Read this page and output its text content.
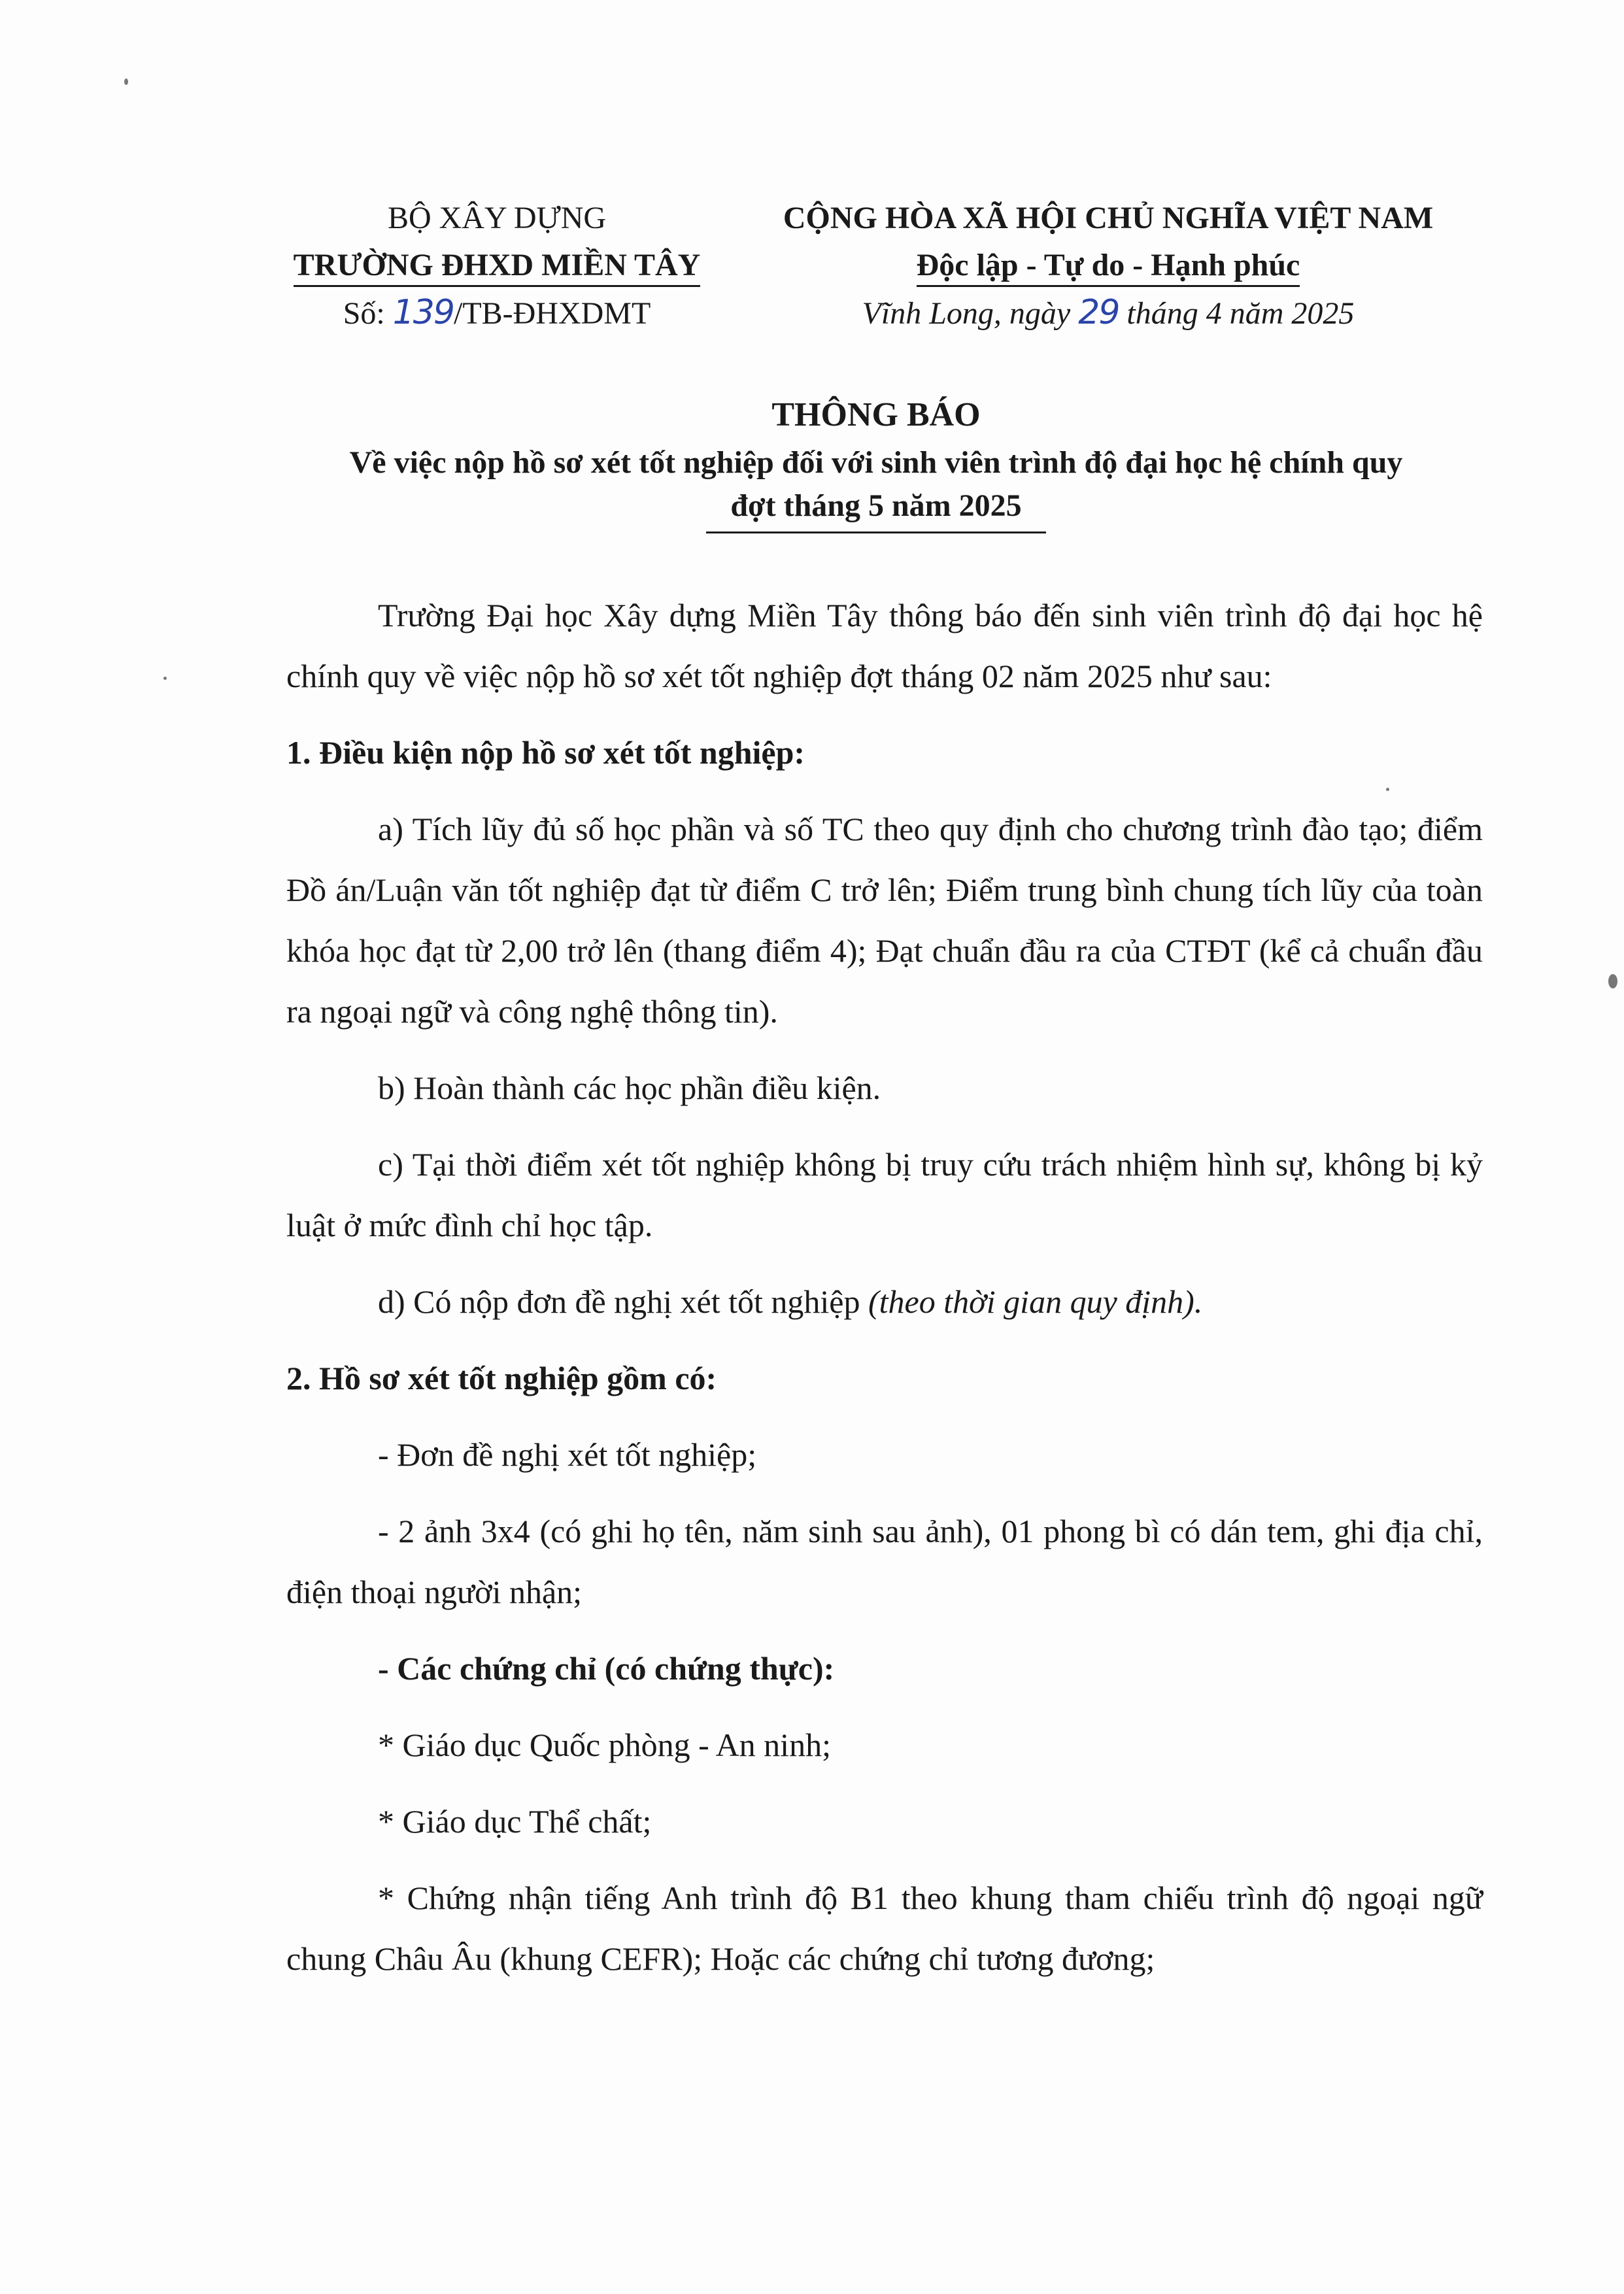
BỘ XÂY DỰNG
TRƯỜNG ĐHXD MIỀN TÂY
Số: 139/TB-ĐHXDMT
CỘNG HÒA XÃ HỘI CHỦ NGHĨA VIỆT NAM
Độc lập - Tự do - Hạnh phúc
Vĩnh Long, ngày 29 tháng 4 năm 2025
THÔNG BÁO
Về việc nộp hồ sơ xét tốt nghiệp đối với sinh viên trình độ đại học hệ chính quy
đợt tháng 5 năm 2025

Trường Đại học Xây dựng Miền Tây thông báo đến sinh viên trình độ đại học hệ chính quy về việc nộp hồ sơ xét tốt nghiệp đợt tháng 02 năm 2025 như sau:

1. Điều kiện nộp hồ sơ xét tốt nghiệp:

a) Tích lũy đủ số học phần và số TC theo quy định cho chương trình đào tạo; điểm Đồ án/Luận văn tốt nghiệp đạt từ điểm C trở lên; Điểm trung bình chung tích lũy của toàn khóa học đạt từ 2,00 trở lên (thang điểm 4); Đạt chuẩn đầu ra của CTĐT (kể cả chuẩn đầu ra ngoại ngữ và công nghệ thông tin).

b) Hoàn thành các học phần điều kiện.

c) Tại thời điểm xét tốt nghiệp không bị truy cứu trách nhiệm hình sự, không bị kỷ luật ở mức đình chỉ học tập.

d) Có nộp đơn đề nghị xét tốt nghiệp (theo thời gian quy định).

2. Hồ sơ xét tốt nghiệp gồm có:

- Đơn đề nghị xét tốt nghiệp;

- 2 ảnh 3x4 (có ghi họ tên, năm sinh sau ảnh), 01 phong bì có dán tem, ghi địa chỉ, điện thoại người nhận;

- Các chứng chỉ (có chứng thực):

* Giáo dục Quốc phòng - An ninh;

* Giáo dục Thể chất;

* Chứng nhận tiếng Anh trình độ B1 theo khung tham chiếu trình độ ngoại ngữ chung Châu Âu (khung CEFR); Hoặc các chứng chỉ tương đương;
